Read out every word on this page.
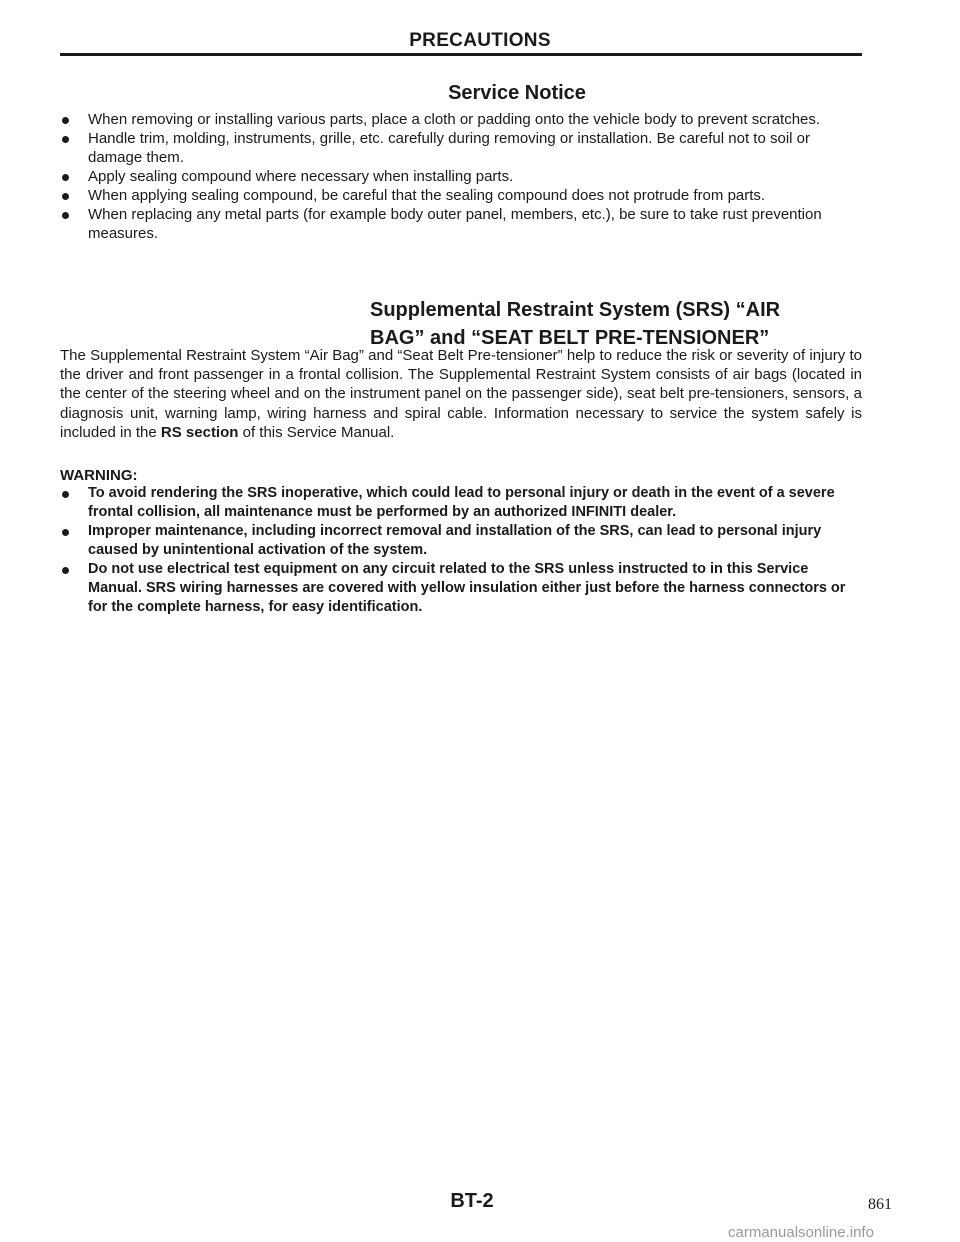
PRECAUTIONS
Service Notice
When removing or installing various parts, place a cloth or padding onto the vehicle body to prevent scratches.
Handle trim, molding, instruments, grille, etc. carefully during removing or installation. Be careful not to soil or damage them.
Apply sealing compound where necessary when installing parts.
When applying sealing compound, be careful that the sealing compound does not protrude from parts.
When replacing any metal parts (for example body outer panel, members, etc.), be sure to take rust prevention measures.
Supplemental Restraint System (SRS) “AIR
BAG” and “SEAT BELT PRE-TENSIONER”

The Supplemental Restraint System “Air Bag” and “Seat Belt Pre-tensioner” help to reduce the risk or severity of injury to the driver and front passenger in a frontal collision. The Supplemental Restraint System consists of air bags (located in the center of the steering wheel and on the instrument panel on the passenger side), seat belt pre-tensioners, sensors, a diagnosis unit, warning lamp, wiring harness and spiral cable. Information necessary to service the system safely is included in the RS section of this Service Manual.

WARNING:
To avoid rendering the SRS inoperative, which could lead to personal injury or death in the event of a severe frontal collision, all maintenance must be performed by an authorized INFINITI dealer.
Improper maintenance, including incorrect removal and installation of the SRS, can lead to personal injury caused by unintentional activation of the system.
Do not use electrical test equipment on any circuit related to the SRS unless instructed to in this Service Manual. SRS wiring harnesses are covered with yellow insulation either just before the harness connectors or for the complete harness, for easy identification.
BT-2	861
carmanualsonline.info
